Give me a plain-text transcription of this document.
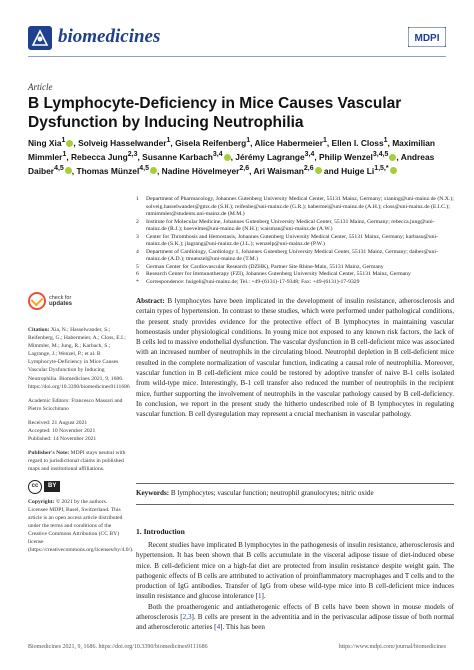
biomedicines	MDPI
Article
B Lymphocyte-Deficiency in Mice Causes Vascular Dysfunction by Inducing Neutrophilia
Ning Xia$^1$ , Solveig Hasselwander$^1$, Gisela Reifenberg$^1$, Alice Habermeier$^1$, Ellen I. Closs$^1$, Maximilian Mimmler$^1$, Rebecca Jung$^{2,3}$, Susanne Karbach$^{3,4}$ , Jérémy Lagrange$^{3,4}$, Philip Wenzel$^{3,4,5}$ , Andreas Daiber$^{4,5}$ , Thomas Münzel$^{4,5}$ , Nadine Hövelmeyer$^{2,6}$, Ari Waisman$^{2,6}$ and Huige $Li^{1,5,*}$
1	Department of Pharmacology, Johannes Gutenberg University Medical Center, 55131 Mainz, Germany; xianing@uni-mainz.de (N.X.); solveig.hasselwander@gmx.de (S.H.); reifenbe@uni-mainz.de (G.R.); habermei@uni-mainz.de (A.H.); closs@uni-mainz.de (E.I.C.); mmimmler@students.uni-mainz.de (M.M.)
2	Institute for Molecular Medicine, Johannes Gutenberg University Medical Center, 55131 Mainz, Germany; rebecca.jung@uni-mainz.de (R.J.); hoevelme@uni-mainz.de (N.H.); waisman@uni-mainz.de (A.W.)
3	Center for Thrombosis and Hemostasis, Johannes Gutenberg University Medical Center, 55131 Mainz, Germany; karbasu@uni-mainz.de (S.K.); jlagrang@uni-mainz.de (J.L.); wenzelp@uni-mainz.de (P.W.)
4	Department of Cardiology, Cardiology 1, Johannes Gutenberg University Medical Center, 55131 Mainz, Germany; daiber@uni-mainz.de (A.D.); tmuenzel@uni-mainz.de (T.M.)
5	German Center for Cardiovascular Research (DZHK), Partner Site Rhine-Main, 55131 Mainz, Germany
6	Research Center for Immunotherapy (FZI), Johannes Gutenberg University Medical Center, 55131 Mainz, Germany
*	Correspondence: huigeli@uni-mainz.de; Tel.: +49-(6131)-17-9348; Fax: +49-(6131)-17-9329
check for
updates

Citation: Xia, N.; Hasselwander, S.; Reifenberg, G.; Habermeier, A.; Closs, E.I.; Mimmler, M.; Jung, R.; Karbach, S.; Lagrange, J.; Wenzel, P.; et al. B Lymphocyte-Deficiency in Mice Causes Vascular Dysfunction by Inducing Neutrophilia. Biomedicines 2021, 9, 1686. https://doi.org/10.3390/biomedicines9111686

Academic Editors: Francesco Massari and Pietro Scicchitano

Received: 21 August 2021
Accepted: 10 November 2021
Published: 14 November 2021

Publisher's Note: MDPI stays neutral with regard to jurisdictional claims in published maps and institutional affiliations.

cc	BY

Copyright: © 2021 by the authors. Licensee MDPI, Basel, Switzerland. This article is an open access article distributed under the terms and conditions of the Creative Commons Attribution (CC BY) license (https://creativecommons.org/licenses/by/4.0/).

Abstract: B lymphocytes have been implicated in the development of insulin resistance, atherosclerosis and certain types of hypertension. In contrast to these studies, which were performed under pathological conditions, the present study provides evidence for the protective effect of B lymphocytes in maintaining vascular homeostasis under physiological conditions. In young mice not exposed to any known risk factors, the lack of B cells led to massive endothelial dysfunction. The vascular dysfunction in B cell-deficient mice was associated with an increased number of neutrophils in the circulating blood. Neutrophil depletion in B cell-deficient mice resulted in the complete normalization of vascular function, indicating a causal role of neutrophilia. Moreover, vascular function in B cell-deficient mice could be restored by adoptive transfer of naive B-1 cells isolated from wild-type mice. Interestingly, B-1 cell transfer also reduced the number of neutrophils in the recipient mice, further supporting the involvement of neutrophils in the vascular pathology caused by B cell-deficiency. In conclusion, we report in the present study the hitherto undescribed role of B lymphocytes in regulating vascular function. B cell dysregulation may represent a crucial mechanism in vascular pathology.
Keywords: B lymphocytes; vascular function; neutrophil granulocytes; nitric oxide
1. Introduction

Recent studies have implicated B lymphocytes in the pathogenesis of insulin resistance, atherosclerosis and hypertension. It has been shown that B cells accumulate in the visceral adipose tissue of diet-induced obese mice. B cell-deficient mice on a high-fat diet are protected from insulin resistance despite weight gain. The pathogenic effects of B cells are attributed to activation of proinflammatory macrophages and T cells and to the production of IgG antibodies. Transfer of IgG from obese wild-type mice into B cell-deficient mice induces insulin resistance and glucose intolerance [1].

Both the proatherogenic and antiatherogenic effects of B cells have been shown in mouse models of atherosclerosis [2,3]. B cells are present in the adventitia and in the perivascular adipose tissue of both normal and atherosclerotic arteries [4]. This has been

Biomedicines 2021, 9, 1686. https://doi.org/10.3390/biomedicines9111686	https://www.mdpi.com/journal/biomedicines
